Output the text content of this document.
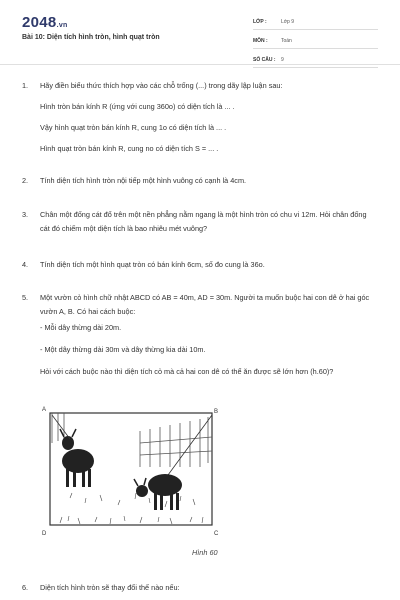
2048.vn
Bài 10: Diện tích hình tròn, hình quạt tròn
LỚP :	Lớp 9
MÔN :	Toán
SỐ CÂU :	9
1.	Hãy điền biểu thức thích hợp vào các chỗ trống (...) trong dãy lập luận sau:
Hình tròn bán kính R (ứng với cung 360o) có diện tích là ... .
Vậy hình quạt tròn bán kính R, cung 1o có diện tích là ... .
Hình quạt tròn bán kính R, cung no có diện tích S = ... .
2.	Tính diện tích hình tròn nội tiếp một hình vuông có cạnh là 4cm.
3.	Chân một đống cát đổ trên một nền phẳng nằm ngang là một hình tròn có chu vi 12m. Hỏi chân đống cát đó chiếm một diện tích là bao nhiêu mét vuông?
4.	Tính diện tích một hình quạt tròn có bán kính 6cm, số đo cung là 36o.
5.	Một vườn cỏ hình chữ nhật ABCD có AB = 40m, AD = 30m. Người ta muốn buộc hai con dê ở hai góc vườn A, B. Có hai cách buộc:
- Mỗi dây thừng dài 20m.
- Một dây thừng dài 30m và dây thừng kia dài 10m.
Hỏi với cách buộc nào thì diện tích cỏ mà cả hai con dê có thể ăn được sẽ lớn hơn (h.60)?
A	B
C
D
Hình 60
6.	Diện tích hình tròn sẽ thay đổi thế nào nếu:
